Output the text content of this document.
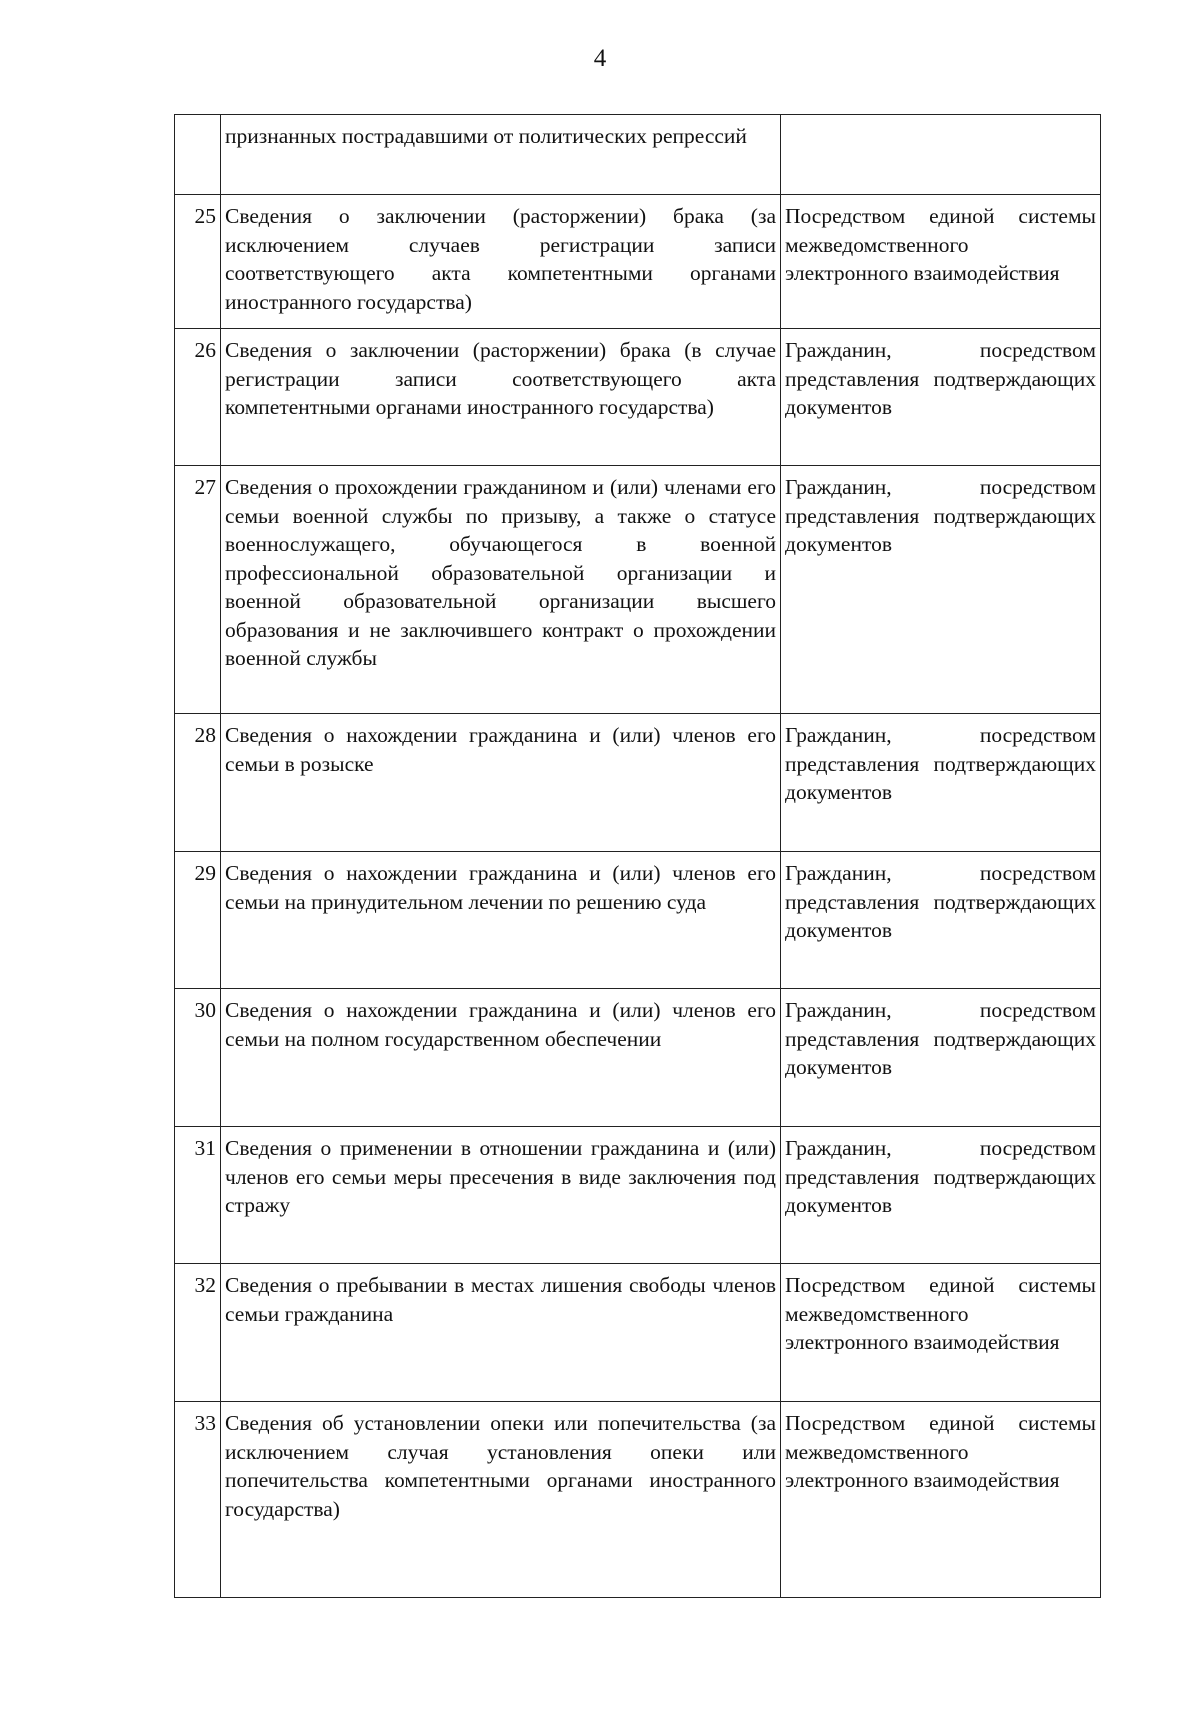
4
	признанных пострадавшими от политических репрессий	
25	Сведения о заключении (расторжении) брака (за исключением случаев регистрации записи соответствующего акта компетентными органами иностранного государства)	Посредством единой системы межведомственного электронного взаимодействия
26	Сведения о заключении (расторжении) брака (в случае регистрации записи соответствующего акта компетентными органами иностранного государства)	Гражданин, посредством представления подтверждающих документов
27	Сведения о прохождении гражданином и (или) членами его семьи военной службы по призыву, а также о статусе военнослужащего, обучающегося в военной профессиональной образовательной организации и военной образовательной организации высшего образования и не заключившего контракт о прохождении военной службы	Гражданин, посредством представления подтверждающих документов
28	Сведения о нахождении гражданина и (или) членов его семьи в розыске	Гражданин, посредством представления подтверждающих документов
29	Сведения о нахождении гражданина и (или) членов его семьи на принудительном лечении по решению суда	Гражданин, посредством представления подтверждающих документов
30	Сведения о нахождении гражданина и (или) членов его семьи на полном государственном обеспечении	Гражданин, посредством представления подтверждающих документов
31	Сведения о применении в отношении гражданина и (или) членов его семьи меры пресечения в виде заключения под стражу	Гражданин, посредством представления подтверждающих документов
32	Сведения о пребывании в местах лишения свободы членов семьи гражданина	Посредством единой системы межведомственного электронного взаимодействия
33	Сведения об установлении опеки или попечительства (за исключением случая установления опеки или попечительства компетентными органами иностранного государства)	Посредством единой системы межведомственного электронного взаимодействия
